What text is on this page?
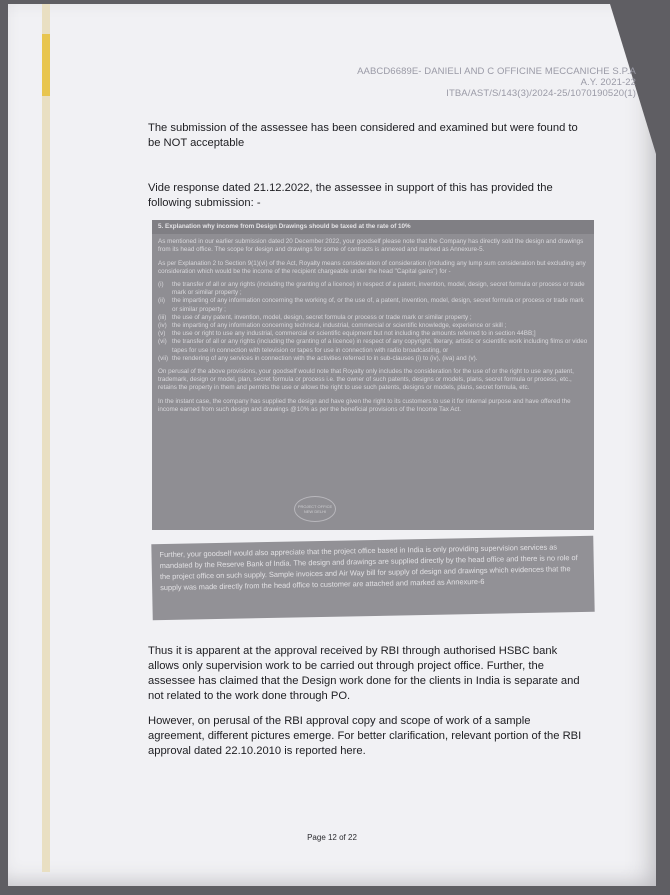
AABCD6689E- DANIELI AND C OFFICINE MECCANICHE S.P.A
A.Y. 2021-22
ITBA/AST/S/143(3)/2024-25/1070190520(1)
The submission of the assessee has been considered and examined but were found to be NOT acceptable
Vide response dated 21.12.2022, the assessee in support of this has provided the following submission: -
5. Explanation why income from Design Drawings should be taxed at the rate of 10%

As mentioned in our earlier submission dated 20 December 2022, your goodself please note that the Company has directly sold the design and drawings from its head office. The scope for design and drawings for some of contracts is annexed and marked as Annexure-5.

As per Explanation 2 to Section 9(1)(vi) of the Act, Royalty means consideration of consideration (including any lump sum consideration but excluding any consideration which would be the income of the recipient chargeable under the head "Capital gains") for -

(i) the transfer of all or any rights (including the granting of a licence) in respect of a patent, invention, model, design, secret formula or process or trade mark or similar property ;
(ii) the imparting of any information concerning the working of, or the use of, a patent, invention, model, design, secret formula or process or trade mark or similar property ;
(iii) the use of any patent, invention, model, design, secret formula or process or trade mark or similar property ;
(iv) the imparting of any information concerning technical, industrial, commercial or scientific knowledge, experience or skill ;
(v) the use or right to use any industrial, commercial or scientific equipment but not including the amounts referred to in section 44BB;]
(vi) the transfer of all or any rights (including the granting of a licence) in respect of any copyright, literary, artistic or scientific work including films or video tapes for use in connection with television or tapes for use in connection with radio broadcasting, or
(vii) the rendering of any services in connection with the activities referred to in sub-clauses (i) to (iv), (iva) and (v).

On perusal of the above provisions, your goodself would note that Royalty only includes the consideration for the use of or the right to use any patent, trademark, design or model, plan, secret formula or process i.e. the owner of such patents, designs or models, plans, secret formula or process, etc., retains the property in them and permits the use or allows the right to use such patents, designs or models, plans, secret formula, etc.

In the instant case, the company has supplied the design and have given the right to its customers to use it for internal purpose and have offered the income earned from such design and drawings @10% as per the beneficial provisions of the Income Tax Act.

PROJECT OFFICE NEW DELHI
Further, your goodself would also appreciate that the project office based in India is only providing supervision services as mandated by the Reserve Bank of India. The design and drawings are supplied directly by the head office and there is no role of the project office on such supply. Sample invoices and Air Way bill for supply of design and drawings which evidences that the supply was made directly from the head office to customer are attached and marked as Annexure-6
Thus it is apparent at the approval received by RBI through authorised HSBC bank allows only supervision work to be carried out through project office. Further, the assessee has claimed that the Design work done for the clients in India is separate and not related to the work done through PO.
However, on perusal of the RBI approval copy and scope of work of a sample agreement, different pictures emerge. For better clarification, relevant portion of the RBI approval dated 22.10.2010 is reported here.
Page 12 of 22
